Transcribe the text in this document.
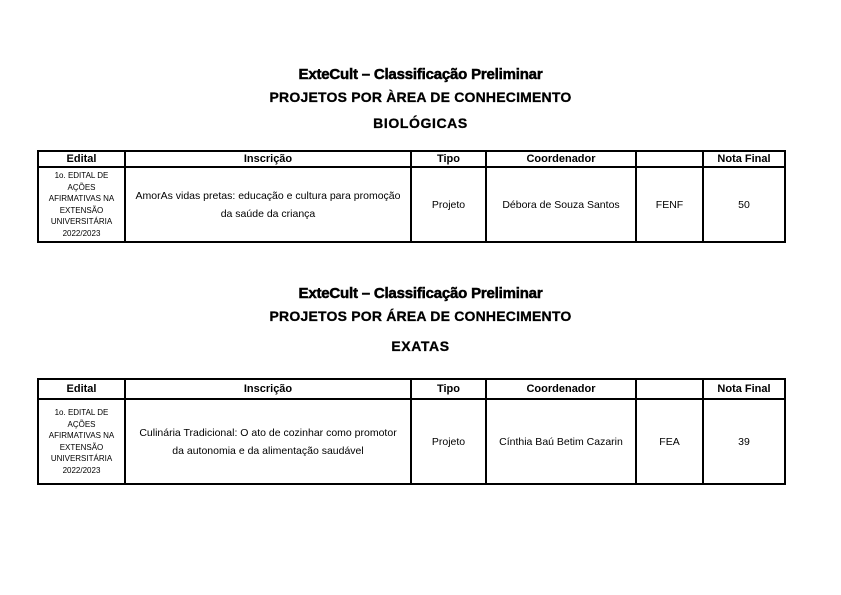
ExteCult – Classificação Preliminar
PROJETOS POR ÀREA DE CONHECIMENTO
BIOLÓGICAS
Edital	Inscrição	Tipo	Coordenador		Nota Final
1o. EDITAL DE AÇÕES AFIRMATIVAS NA EXTENSÃO UNIVERSITÁRIA 2022/2023	AmorAs vidas pretas: educação e cultura para promoção da saúde da criança	Projeto	Débora de Souza Santos	FENF	50
ExteCult – Classificação Preliminar
PROJETOS POR ÁREA DE CONHECIMENTO
EXATAS
Edital	Inscrição	Tipo	Coordenador		Nota Final
1o. EDITAL DE AÇÕES AFIRMATIVAS NA EXTENSÃO UNIVERSITÁRIA 2022/2023	Culinária Tradicional: O ato de cozinhar como promotor da autonomia e da alimentação saudável	Projeto	Cínthia Baú Betim Cazarin	FEA	39
